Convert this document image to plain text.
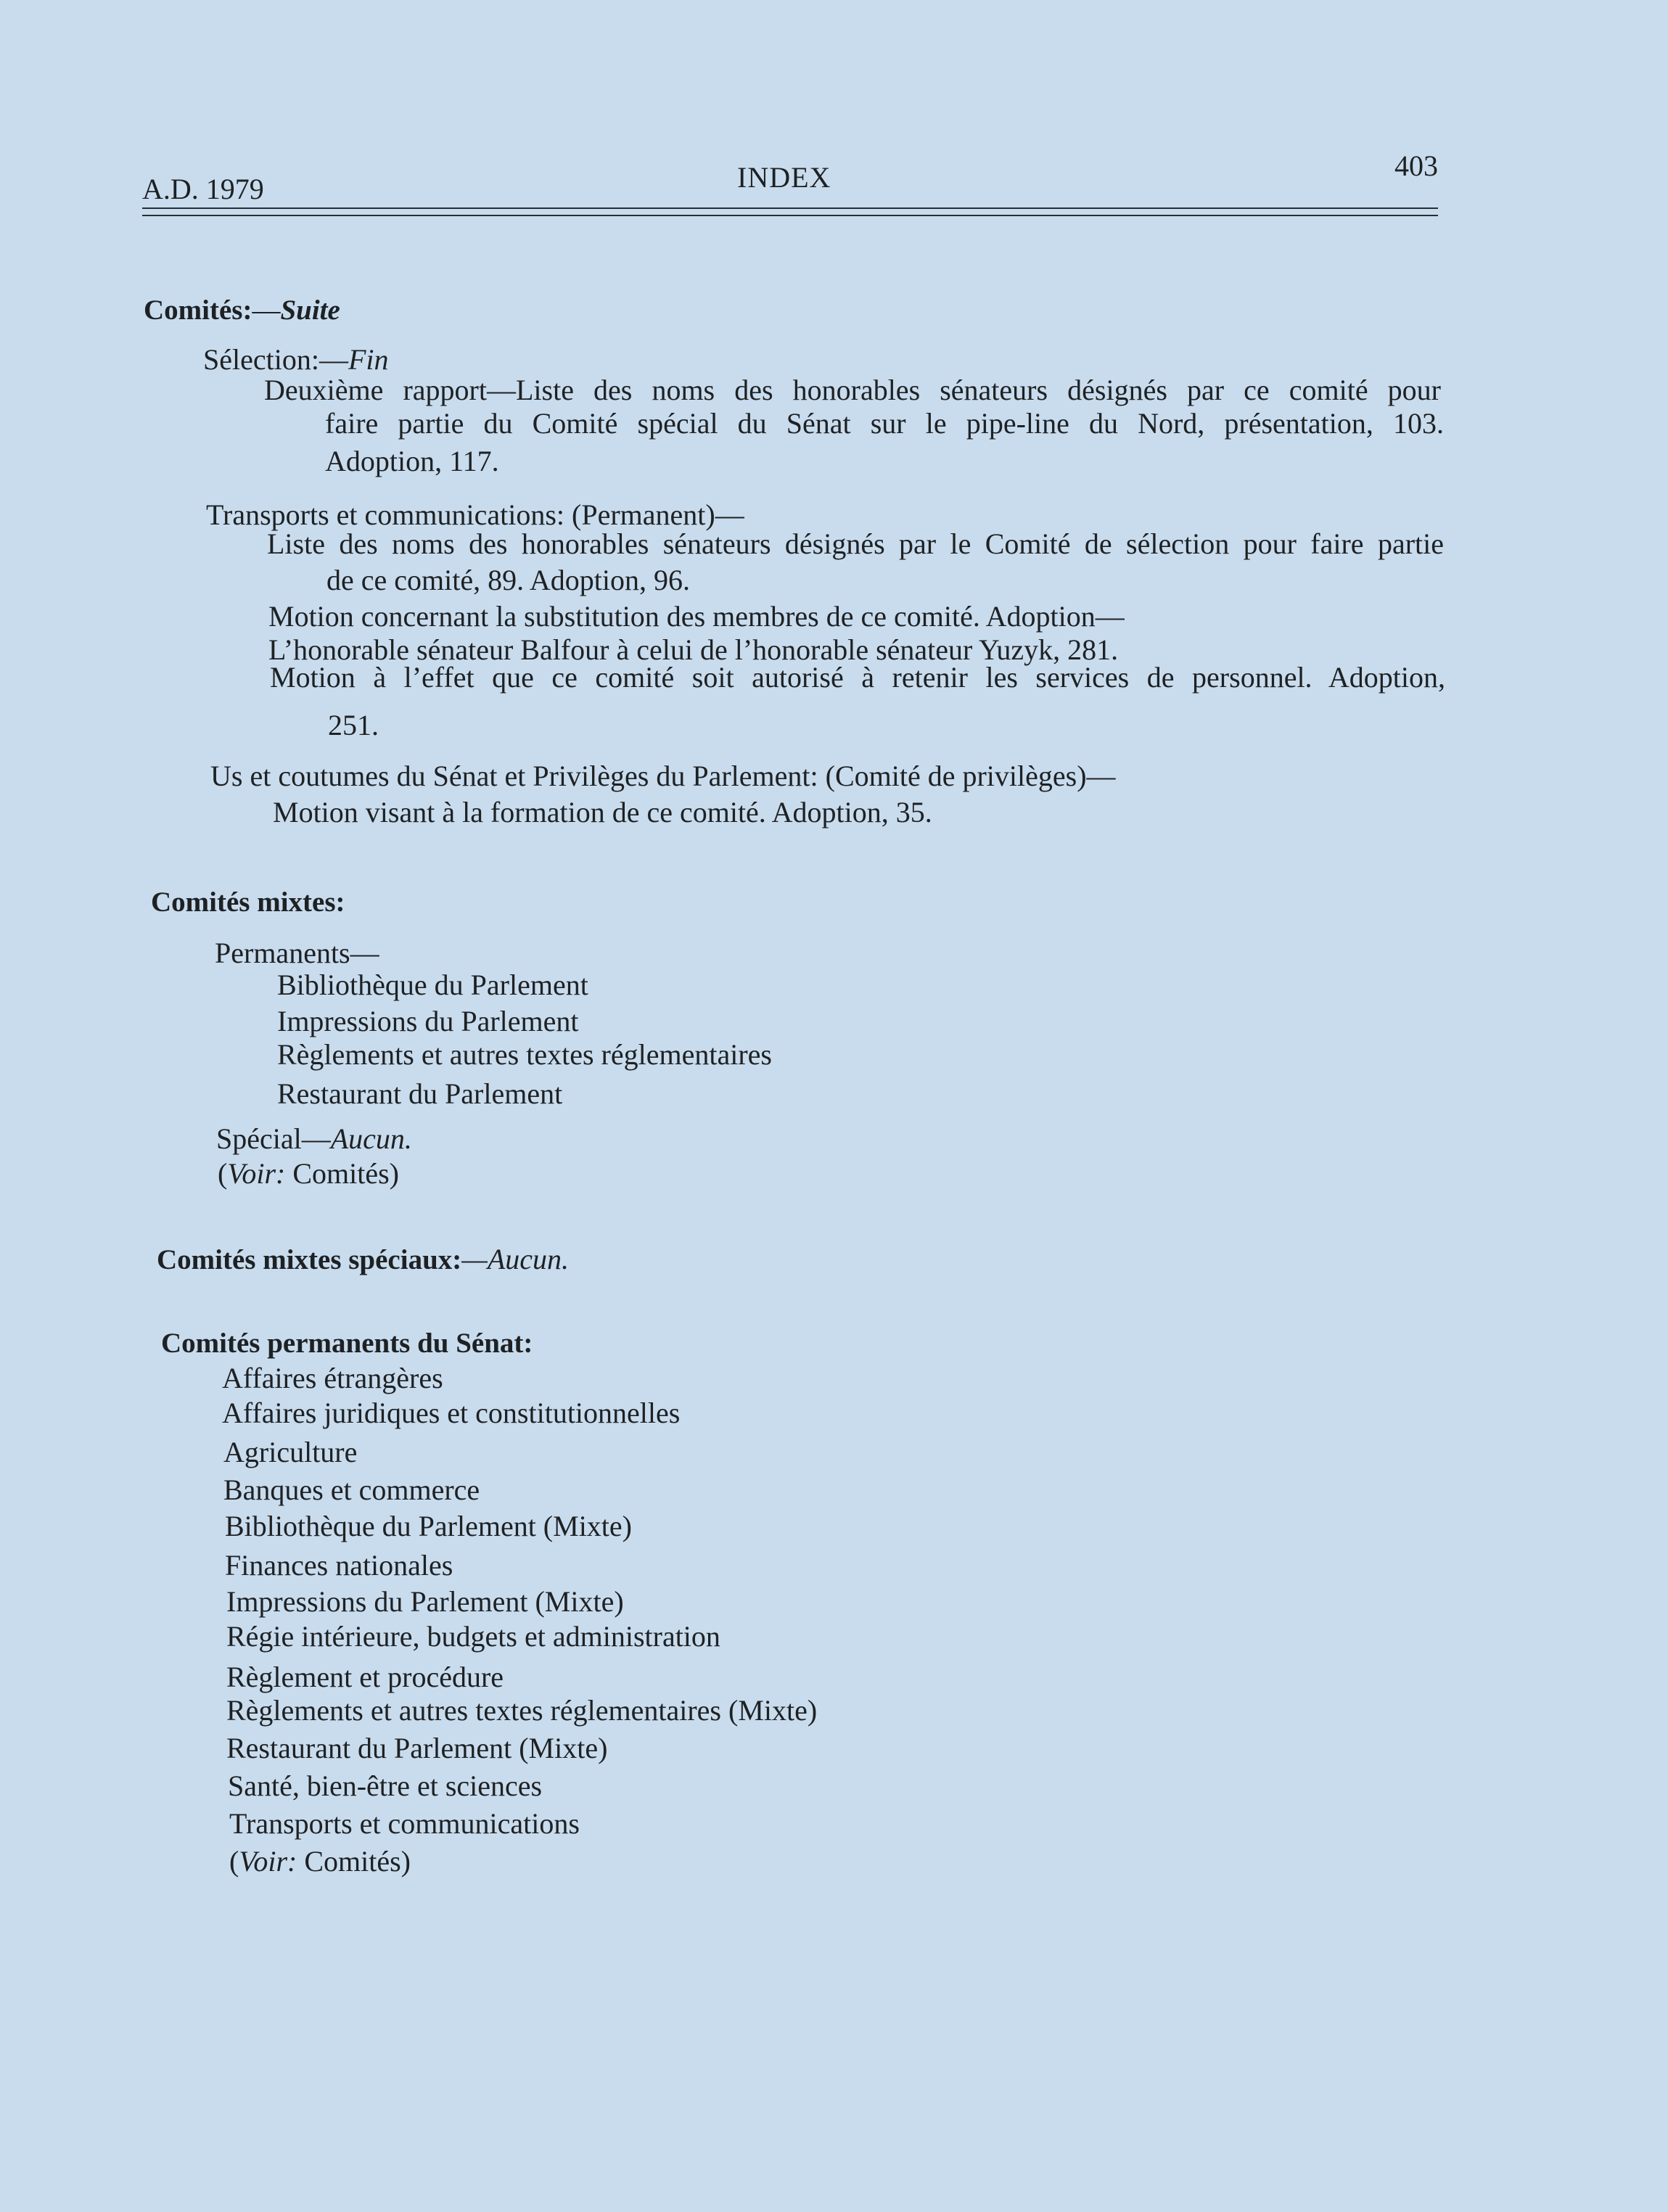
A.D. 1979	INDEX	403
Comités:—Suite
Sélection:—Fin
Deuxième rapport—Liste des noms des honorables sénateurs désignés par ce comité pour
faire partie du Comité spécial du Sénat sur le pipe-line du Nord, présentation, 103.
Adoption, 117.
Transports et communications: (Permanent)—
Liste des noms des honorables sénateurs désignés par le Comité de sélection pour faire partie
de ce comité, 89. Adoption, 96.
Motion concernant la substitution des membres de ce comité. Adoption—
L’honorable sénateur Balfour à celui de l’honorable sénateur Yuzyk, 281.
Motion à l’effet que ce comité soit autorisé à retenir les services de personnel. Adoption,
251.
Us et coutumes du Sénat et Privilèges du Parlement: (Comité de privilèges)—
Motion visant à la formation de ce comité. Adoption, 35.
Comités mixtes:
Permanents—
Bibliothèque du Parlement
Impressions du Parlement
Règlements et autres textes réglementaires
Restaurant du Parlement
Spécial—Aucun.
(Voir: Comités)
Comités mixtes spéciaux:—Aucun.
Comités permanents du Sénat:
Affaires étrangères
Affaires juridiques et constitutionnelles
Agriculture
Banques et commerce
Bibliothèque du Parlement (Mixte)
Finances nationales
Impressions du Parlement (Mixte)
Régie intérieure, budgets et administration
Règlement et procédure
Règlements et autres textes réglementaires (Mixte)
Restaurant du Parlement (Mixte)
Santé, bien-être et sciences
Transports et communications
(Voir: Comités)
